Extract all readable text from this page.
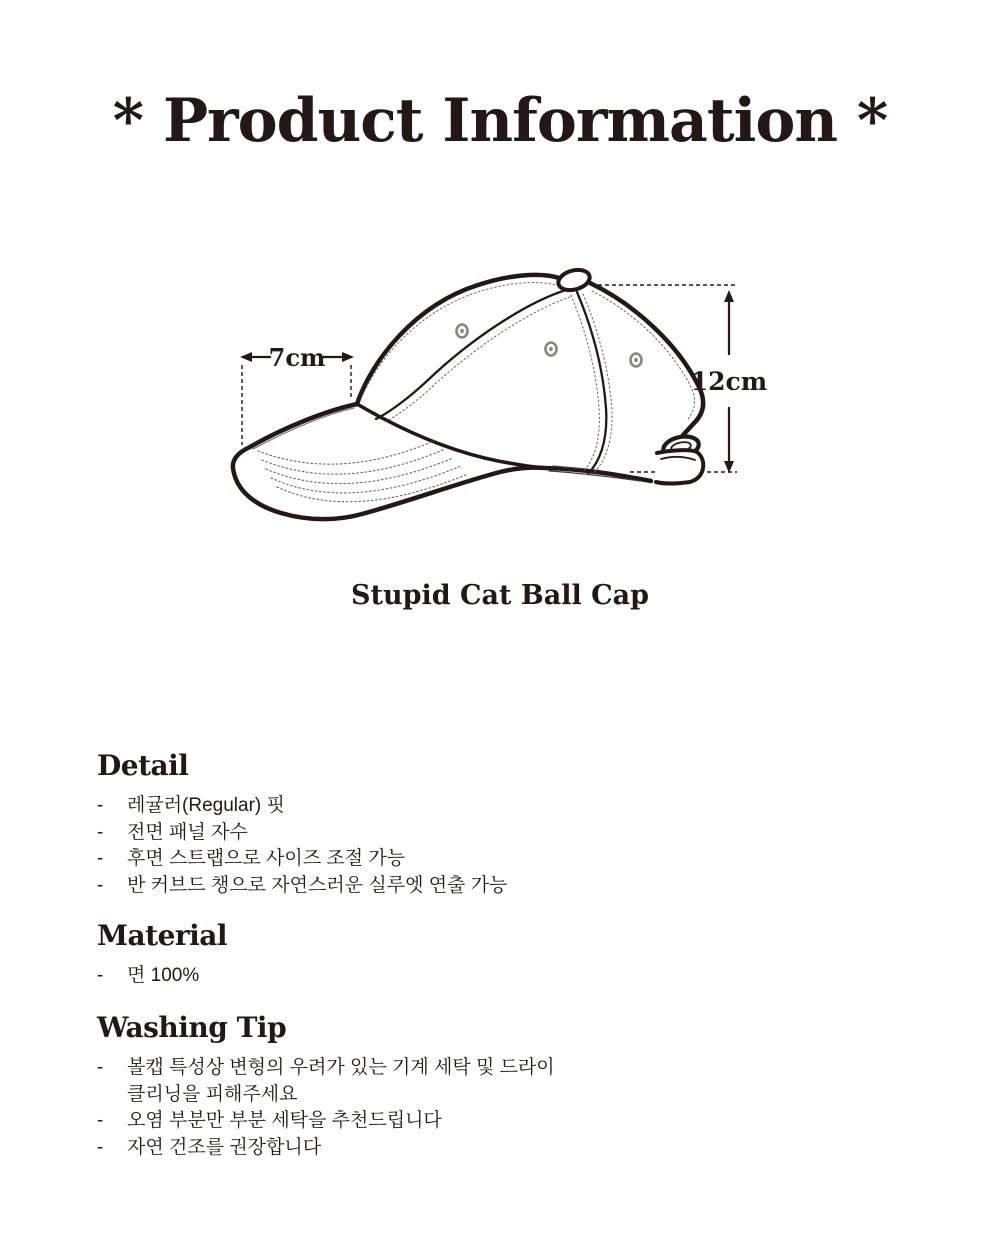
* Product Information *
7cm
12cm
Stupid Cat Ball Cap
Detail
-	레귤러(Regular) 핏
-	전면 패널 자수
-	후면 스트랩으로 사이즈 조절 가능
-	반 커브드 챙으로 자연스러운 실루엣 연출 가능
Material
-	면 100%
Washing Tip
-	볼캡 특성상 변형의 우려가 있는 기계 세탁 및 드라이
클리닝을 피해주세요
-	오염 부분만 부분 세탁을 추천드립니다
-	자연 건조를 권장합니다
